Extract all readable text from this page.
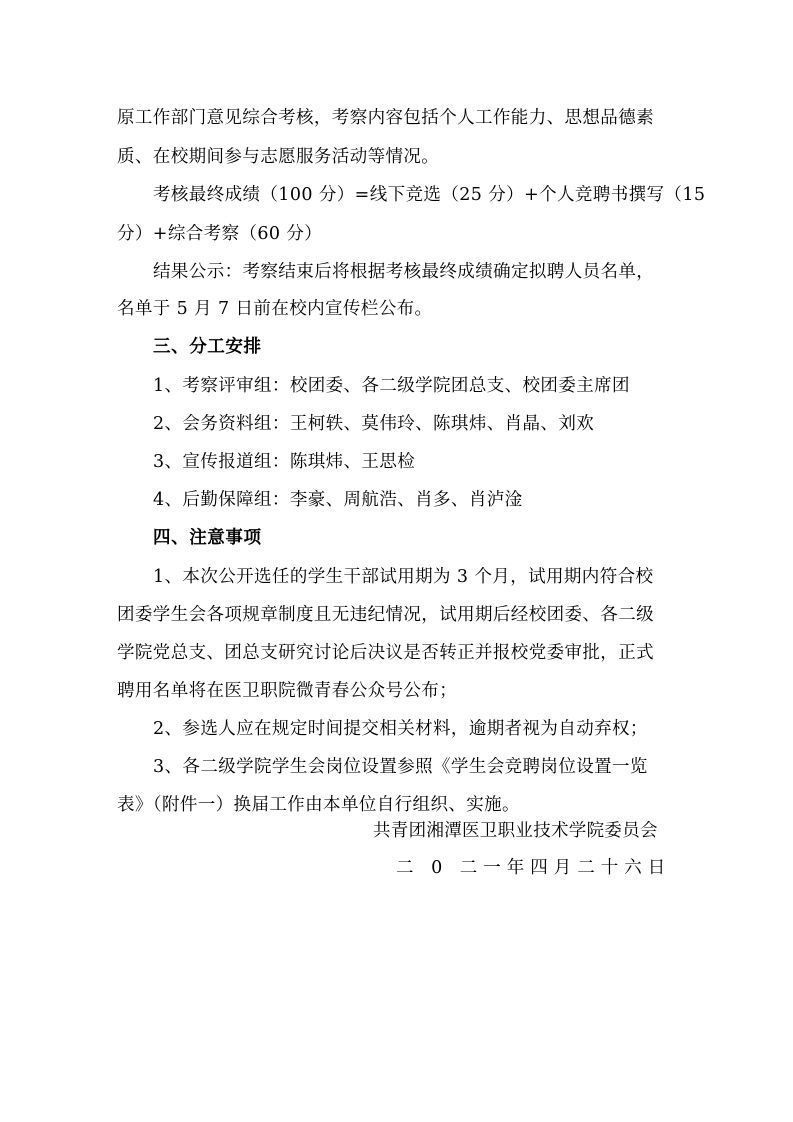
原工作部门意见综合考核，考察内容包括个人工作能力、思想品德素
质、在校期间参与志愿服务活动等情况。
考核最终成绩（100 分）=线下竞选（25 分）+个人竞聘书撰写（15
分）+综合考察（60 分）
结果公示：考察结束后将根据考核最终成绩确定拟聘人员名单，
名单于 5 月 7 日前在校内宣传栏公布。
三、分工安排
1、考察评审组：校团委、各二级学院团总支、校团委主席团
2、会务资料组：王柯轶、莫伟玲、陈琪炜、肖晶、刘欢
3、宣传报道组：陈琪炜、王思检
4、后勤保障组：李豪、周航浩、肖多、肖泸淦
四、注意事项
1、本次公开选任的学生干部试用期为 3 个月，试用期内符合校
团委学生会各项规章制度且无违纪情况，试用期后经校团委、各二级
学院党总支、团总支研究讨论后决议是否转正并报校党委审批，正式
聘用名单将在医卫职院微青春公众号公布；
2、参选人应在规定时间提交相关材料，逾期者视为自动弃权；
3、各二级学院学生会岗位设置参照《学生会竞聘岗位设置一览
表》（附件一）换届工作由本单位自行组织、实施。
共青团湘潭医卫职业技术学院委员会
二 0 二一年四月二十六日
